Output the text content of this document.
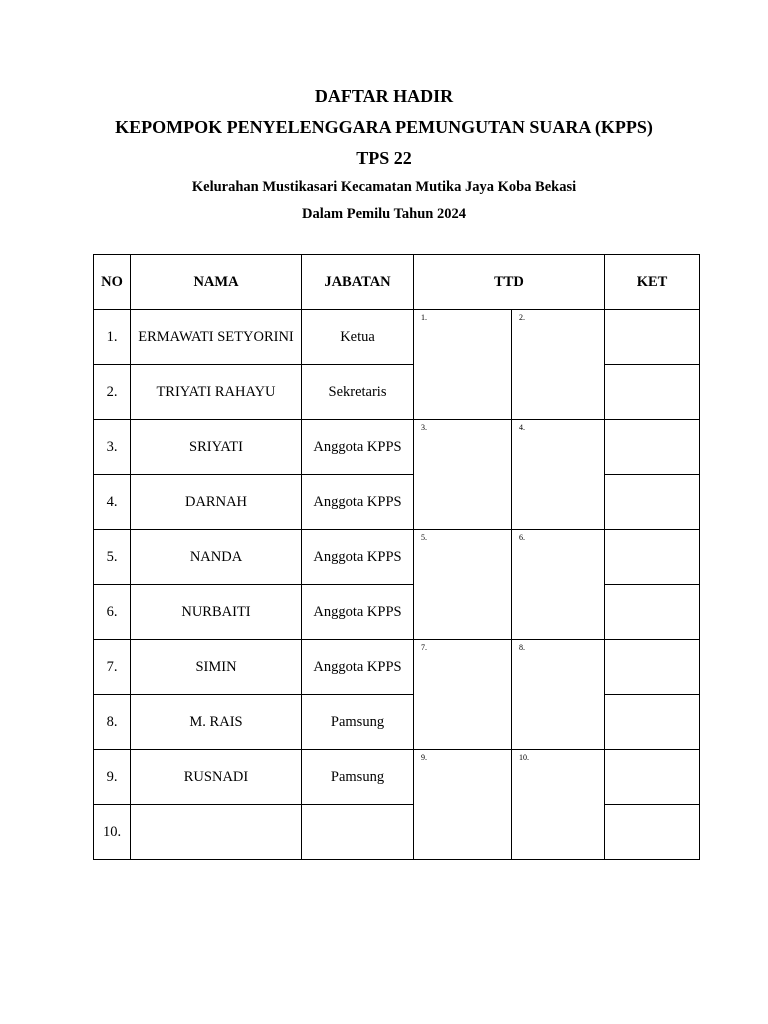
DAFTAR HADIR
KEPOMPOK PENYELENGGARA PEMUNGUTAN SUARA (KPPS)
TPS 22
Kelurahan Mustikasari Kecamatan Mutika Jaya Koba Bekasi
Dalam Pemilu Tahun 2024
NO	NAMA	JABATAN	TTD		KET
1.	ERMAWATI SETYORINI	Ketua	1.	2.	

2.	TRIYATI RAHAYU	Sekretaris			
3.	SRIYATI	Anggota KPPS	3.	4.	

4.	DARNAH	Anggota KPPS			
5.	NANDA	Anggota KPPS	5.	6.	

6.	NURBAITI	Anggota KPPS			
7.	SIMIN	Anggota KPPS	7.	8.	

8.	M. RAIS	Pamsung			
9.	RUSNADI	Pamsung	9.	10.	

10.					
